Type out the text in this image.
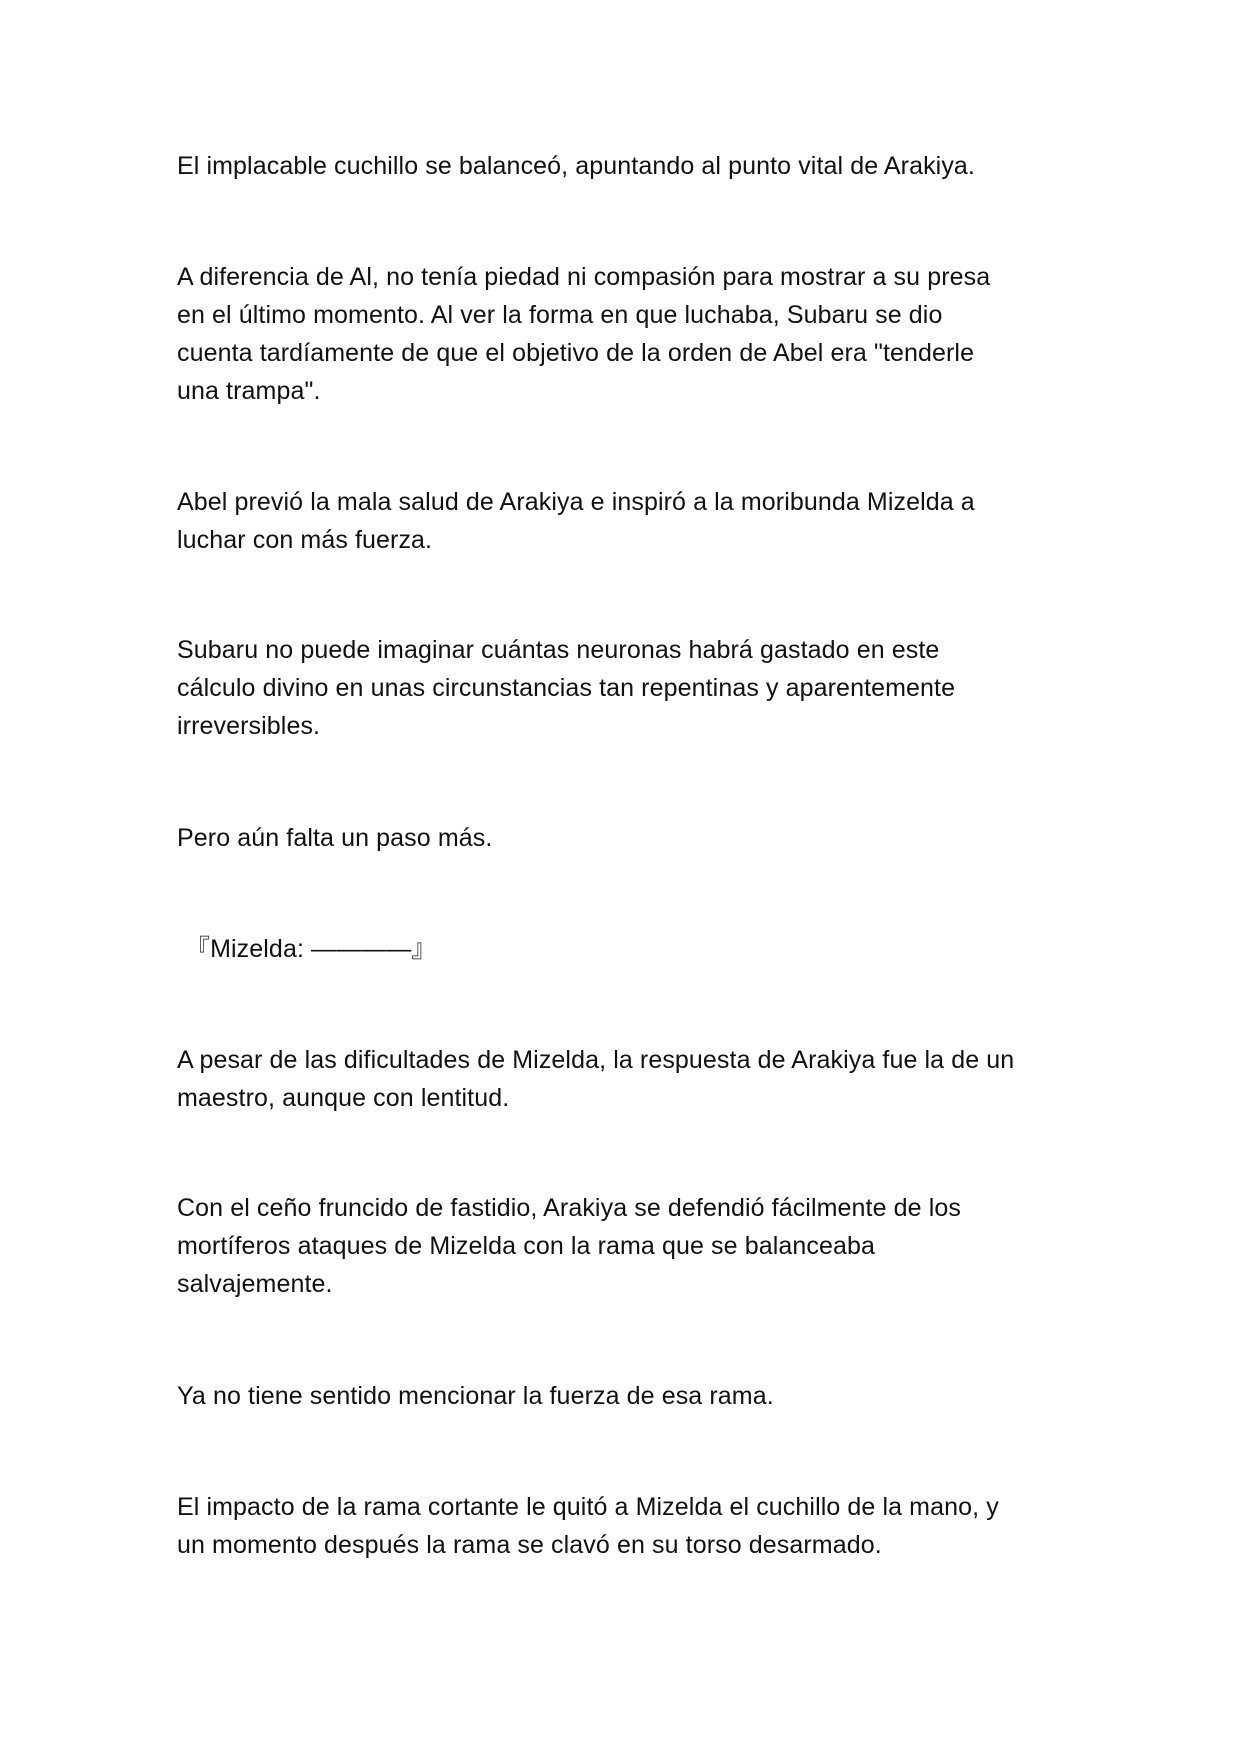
El implacable cuchillo se balanceó, apuntando al punto vital de Arakiya.

A diferencia de Al, no tenía piedad ni compasión para mostrar a su presa
en el último momento. Al ver la forma en que luchaba, Subaru se dio
cuenta tardíamente de que el objetivo de la orden de Abel era "tenderle
una trampa".

Abel previó la mala salud de Arakiya e inspiró a la moribunda Mizelda a
luchar con más fuerza.

Subaru no puede imaginar cuántas neuronas habrá gastado en este
cálculo divino en unas circunstancias tan repentinas y aparentemente
irreversibles.

Pero aún falta un paso más.

『Mizelda: ————』

A pesar de las dificultades de Mizelda, la respuesta de Arakiya fue la de un
maestro, aunque con lentitud.

Con el ceño fruncido de fastidio, Arakiya se defendió fácilmente de los
mortíferos ataques de Mizelda con la rama que se balanceaba
salvajemente.

Ya no tiene sentido mencionar la fuerza de esa rama.

El impacto de la rama cortante le quitó a Mizelda el cuchillo de la mano, y
un momento después la rama se clavó en su torso desarmado.
